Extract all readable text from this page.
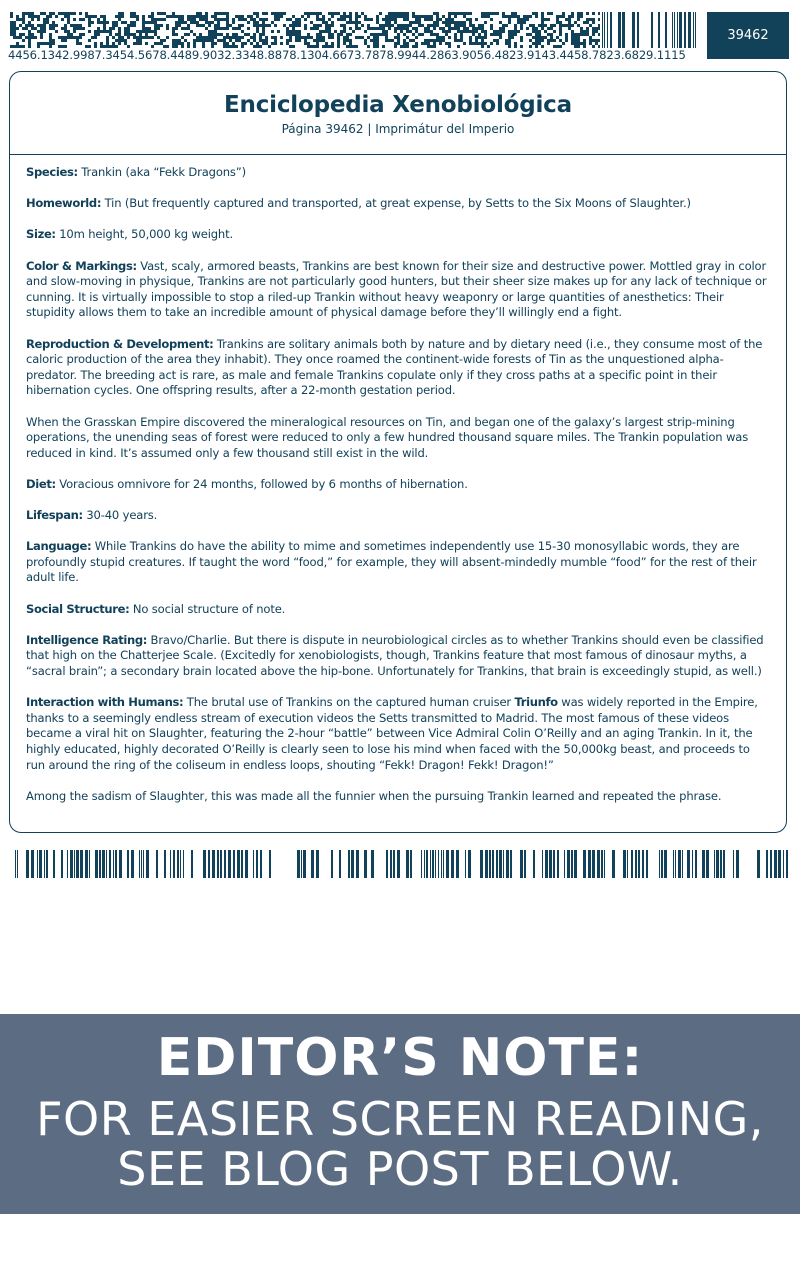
4456.1342.9987.3454.5678.4489.9032.3348.8878.1304.6673.7878.9944.2863.9056.4823.9143.4458.7823.6829.1115
39462
Enciclopedia Xenobiológica
Página 39462 | Imprimátur del Imperio

Species: Trankin (aka “Fekk Dragons”)

Homeworld: Tin (But frequently captured and transported, at great expense, by Setts to the Six Moons of Slaughter.)

Size: 10m height, 50,000 kg weight.

Color & Markings: Vast, scaly, armored beasts, Trankins are best known for their size and destructive power. Mottled gray in color and slow-moving in physique, Trankins are not particularly good hunters, but their sheer size makes up for any lack of technique or cunning. It is virtually impossible to stop a riled-up Trankin without heavy weaponry or large quantities of anesthetics: Their stupidity allows them to take an incredible amount of physical damage before they’ll willingly end a fight.

Reproduction & Development: Trankins are solitary animals both by nature and by dietary need (i.e., they consume most of the caloric production of the area they inhabit). They once roamed the continent-wide forests of Tin as the unquestioned alpha-predator. The breeding act is rare, as male and female Trankins copulate only if they cross paths at a specific point in their hibernation cycles. One offspring results, after a 22-month gestation period.

When the Grasskan Empire discovered the mineralogical resources on Tin, and began one of the galaxy’s largest strip-mining operations, the unending seas of forest were reduced to only a few hundred thousand square miles. The Trankin population was reduced in kind. It’s assumed only a few thousand still exist in the wild.

Diet: Voracious omnivore for 24 months, followed by 6 months of hibernation.

Lifespan: 30-40 years.

Language: While Trankins do have the ability to mime and sometimes independently use 15-30 monosyllabic words, they are profoundly stupid creatures. If taught the word “food,” for example, they will absent-mindedly mumble “food” for the rest of their adult life.

Social Structure: No social structure of note.

Intelligence Rating: Bravo/Charlie. But there is dispute in neurobiological circles as to whether Trankins should even be classified that high on the Chatterjee Scale. (Excitedly for xenobiologists, though, Trankins feature that most famous of dinosaur myths, a “sacral brain”; a secondary brain located above the hip-bone. Unfortunately for Trankins, that brain is exceedingly stupid, as well.)

Interaction with Humans: The brutal use of Trankins on the captured human cruiser Triunfo was widely reported in the Empire, thanks to a seemingly endless stream of execution videos the Setts transmitted to Madrid. The most famous of these videos became a viral hit on Slaughter, featuring the 2-hour “battle” between Vice Admiral Colin O’Reilly and an aging Trankin. In it, the highly educated, highly decorated O’Reilly is clearly seen to lose his mind when faced with the 50,000kg beast, and proceeds to run around the ring of the coliseum in endless loops, shouting “Fekk! Dragon! Fekk! Dragon!”

Among the sadism of Slaughter, this was made all the funnier when the pursuing Trankin learned and repeated the phrase.

EDITOR’S NOTE:
FOR EASIER SCREEN READING,
SEE BLOG POST BELOW.
